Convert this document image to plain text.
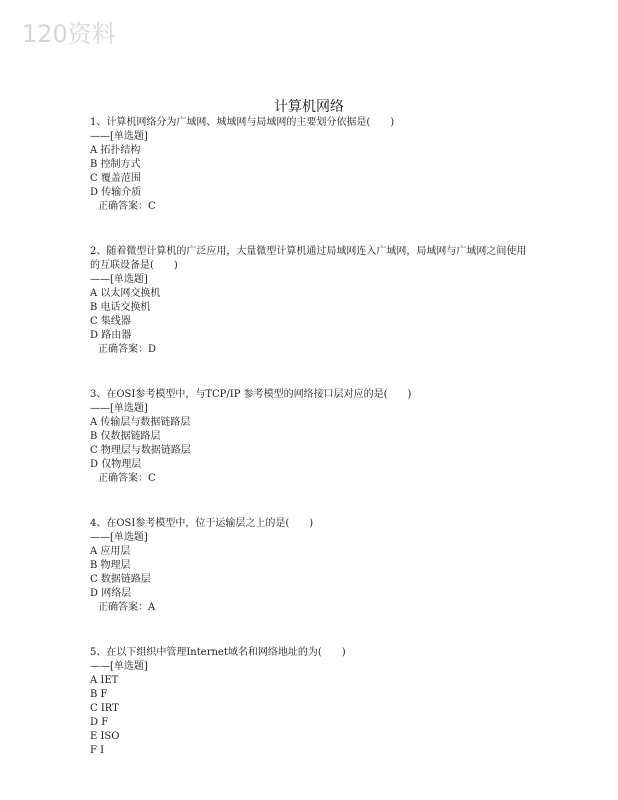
120资料
计算机网络
1、计算机网络分为广域网、城域网与局域网的主要划分依据是(　　)
——[单选题]
A 拓扑结构
B 控制方式
C 覆盖范围
D 传输介质
正确答案：C
2、随着微型计算机的广泛应用，大量微型计算机通过局域网连入广域网，局域网与广域网之间使用的互联设备是(　　)
——[单选题]
A 以太网交换机
B 电话交换机
C 集线器
D 路由器
正确答案：D
3、在OSI参考模型中，与TCP/IP 参考模型的网络接口层对应的是(　　)
——[单选题]
A 传输层与数据链路层
B 仅数据链路层
C 物理层与数据链路层
D 仅物理层
正确答案：C
4、在OSI参考模型中，位于运输层之上的是(　　)
——[单选题]
A 应用层
B 物理层
C 数据链路层
D 网络层
正确答案：A
5、在以下组织中管理Internet域名和网络地址的为(　　)
——[单选题]
A IET
B F
C IRT
D F
E ISO
F I
